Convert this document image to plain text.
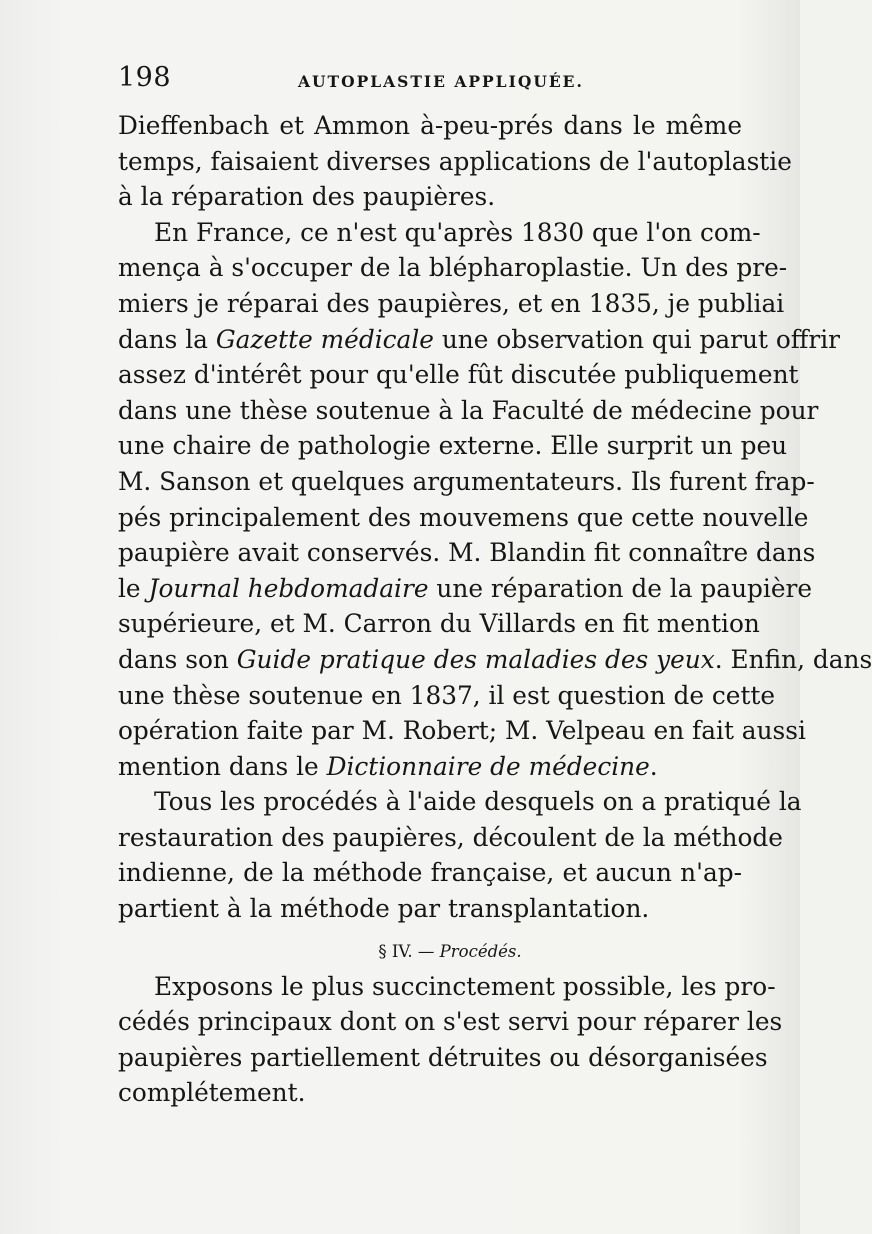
198	AUTOPLASTIE APPLIQUÉE.
Dieffenbach et Ammon à-peu-prés dans le même
temps, faisaient diverses applications de l'autoplastie
à la réparation des paupières.
En France, ce n'est qu'après 1830 que l'on com-
mença à s'occuper de la blépharoplastie. Un des pre-
miers je réparai des paupières, et en 1835, je publiai
dans la Gazette médicale une observation qui parut offrir
assez d'intérêt pour qu'elle fût discutée publiquement
dans une thèse soutenue à la Faculté de médecine pour
une chaire de pathologie externe. Elle surprit un peu
M. Sanson et quelques argumentateurs. Ils furent frap-
pés principalement des mouvemens que cette nouvelle
paupière avait conservés. M. Blandin fit connaître dans
le Journal hebdomadaire une réparation de la paupière
supérieure, et M. Carron du Villards en fit mention
dans son Guide pratique des maladies des yeux. Enfin, dans
une thèse soutenue en 1837, il est question de cette
opération faite par M. Robert; M. Velpeau en fait aussi
mention dans le Dictionnaire de médecine.
Tous les procédés à l'aide desquels on a pratiqué la
restauration des paupières, découlent de la méthode
indienne, de la méthode française, et aucun n'ap-
partient à la méthode par transplantation.
§ IV. — Procédés.
Exposons le plus succinctement possible, les pro-
cédés principaux dont on s'est servi pour réparer les
paupières partiellement détruites ou désorganisées
complétement.
